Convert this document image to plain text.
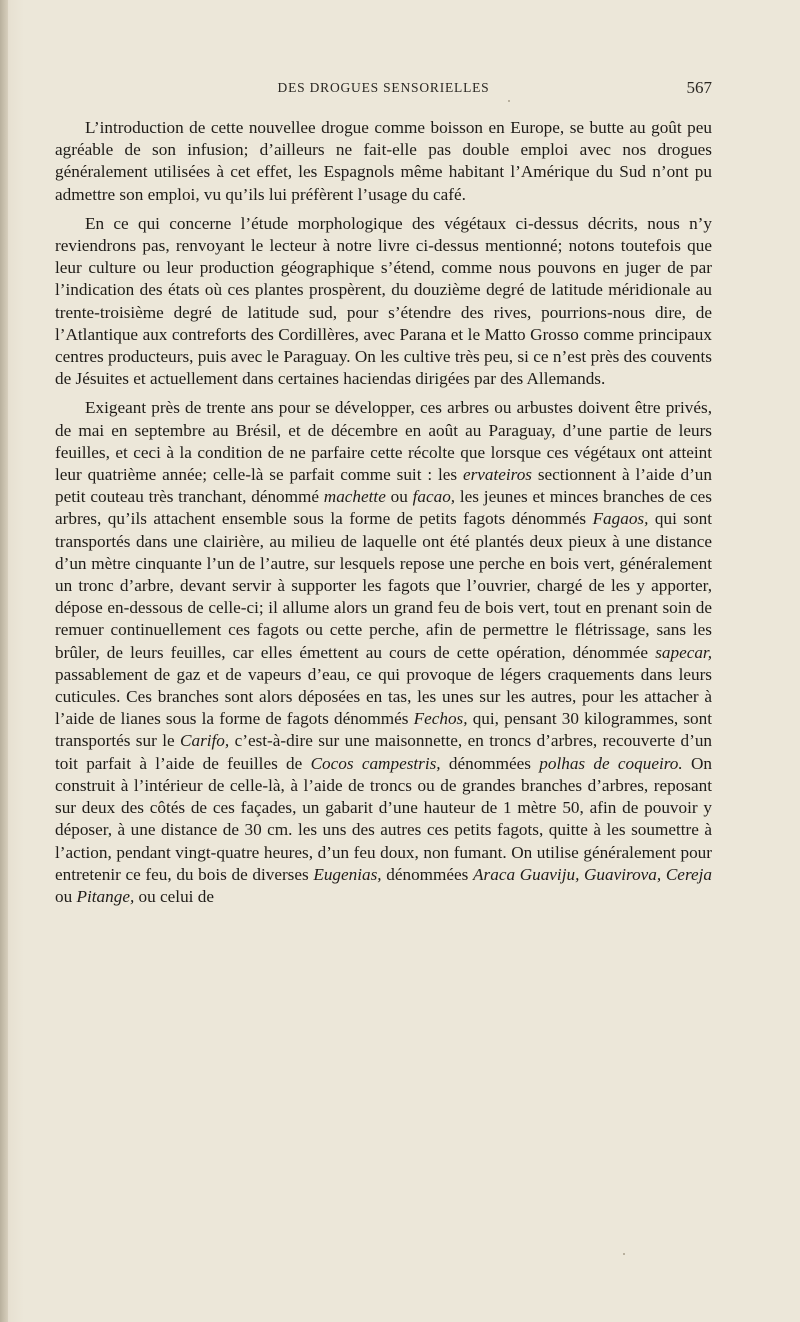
DES DROGUES SENSORIELLES	567

L’introduction de cette nouvellee drogue comme boisson en Europe, se butte au goût peu agréable de son infusion; d’ailleurs ne fait-elle pas double emploi avec nos drogues généralement utilisées à cet effet, les Espagnols même habitant l’Amérique du Sud n’ont pu admettre son emploi, vu qu’ils lui préfèrent l’usage du café.

En ce qui concerne l’étude morphologique des végétaux ci-dessus décrits, nous n’y reviendrons pas, renvoyant le lecteur à notre livre ci-dessus mentionné; notons toutefois que leur culture ou leur production géographique s’étend, comme nous pouvons en juger de par l’indication des états où ces plantes prospèrent, du douzième degré de latitude méridionale au trente-troisième degré de latitude sud, pour s’étendre des rives, pourrions-nous dire, de l’Atlantique aux contreforts des Cordillères, avec Parana et le Matto Grosso comme principaux centres producteurs, puis avec le Paraguay. On les cultive très peu, si ce n’est près des couvents de Jésuites et actuellement dans certaines haciendas dirigées par des Allemands.

Exigeant près de trente ans pour se développer, ces arbres ou arbustes doivent être privés, de mai en septembre au Brésil, et de décembre en août au Paraguay, d’une partie de leurs feuilles, et ceci à la condition de ne parfaire cette récolte que lorsque ces végétaux ont atteint leur quatrième année; celle-là se parfait comme suit : les ervateiros sectionnent à l’aide d’un petit couteau très tranchant, dénommé machette ou facao, les jeunes et minces branches de ces arbres, qu’ils attachent ensemble sous la forme de petits fagots dénommés Fagaos, qui sont transportés dans une clairière, au milieu de laquelle ont été plantés deux pieux à une distance d’un mètre cinquante l’un de l’autre, sur lesquels repose une perche en bois vert, généralement un tronc d’arbre, devant servir à supporter les fagots que l’ouvrier, chargé de les y apporter, dépose en-dessous de celle-ci; il allume alors un grand feu de bois vert, tout en prenant soin de remuer continuellement ces fagots ou cette perche, afin de permettre le flétrissage, sans les brûler, de leurs feuilles, car elles émettent au cours de cette opération, dénommée sapecar, passablement de gaz et de vapeurs d’eau, ce qui provoque de légers craquements dans leurs cuticules. Ces branches sont alors déposées en tas, les unes sur les autres, pour les attacher à l’aide de lianes sous la forme de fagots dénommés Fechos, qui, pensant 30 kilogrammes, sont transportés sur le Carifo, c’est-à-dire sur une maisonnette, en troncs d’arbres, recouverte d’un toit parfait à l’aide de feuilles de Cocos campestris, dénommées polhas de coqueiro. On construit à l’intérieur de celle-là, à l’aide de troncs ou de grandes branches d’arbres, reposant sur deux des côtés de ces façades, un gabarit d’une hauteur de 1 mètre 50, afin de pouvoir y déposer, à une distance de 30 cm. les uns des autres ces petits fagots, quitte à les soumettre à l’action, pendant vingt-quatre heures, d’un feu doux, non fumant. On utilise généralement pour entretenir ce feu, du bois de diverses Eugenias, dénommées Araca Guaviju, Guavirova, Cereja ou Pitange, ou celui de
